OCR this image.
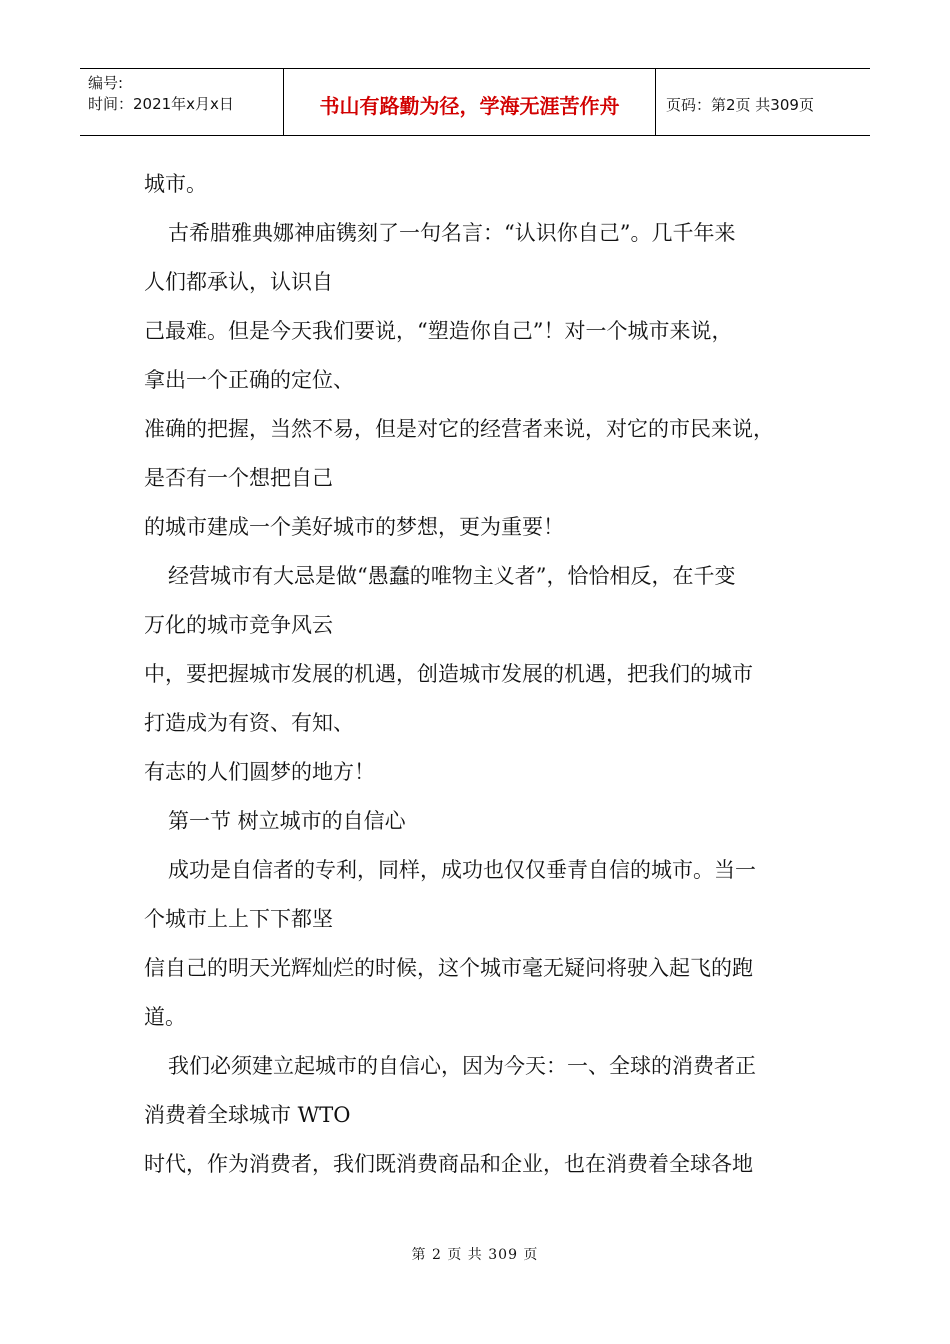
编号:
时间：2021年x月x日	书山有路勤为径，学海无涯苦作舟	页码：第2页 共309页
城市。
古希腊雅典娜神庙镌刻了一句名言：“认识你自己”。几千年来
人们都承认，认识自
己最难。但是今天我们要说，“塑造你自己”！对一个城市来说，
拿出一个正确的定位、
准确的把握，当然不易，但是对它的经营者来说，对它的市民来说，
是否有一个想把自己
的城市建成一个美好城市的梦想，更为重要！
经营城市有大忌是做“愚蠢的唯物主义者”，恰恰相反，在千变
万化的城市竞争风云
中，要把握城市发展的机遇，创造城市发展的机遇，把我们的城市
打造成为有资、有知、
有志的人们圆梦的地方！
第一节 树立城市的自信心
成功是自信者的专利，同样，成功也仅仅垂青自信的城市。当一
个城市上上下下都坚
信自己的明天光辉灿烂的时候，这个城市毫无疑问将驶入起飞的跑
道。
我们必须建立起城市的自信心，因为今天：一、全球的消费者正
消费着全球城市 WTO
时代，作为消费者，我们既消费商品和企业，也在消费着全球各地
第 2 页 共 309 页
